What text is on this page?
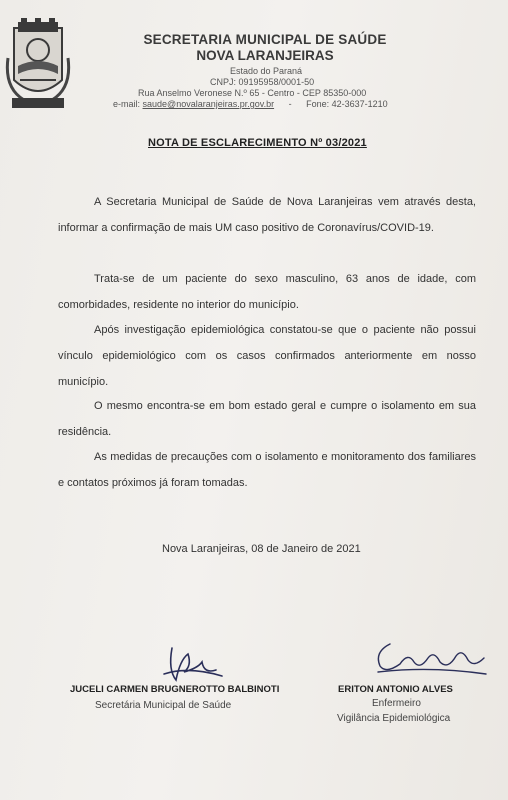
SECRETARIA MUNICIPAL DE SAÚDE
NOVA LARANJEIRAS
Estado do Paraná
CNPJ: 09195958/0001-50
Rua Anselmo Veronese N.º 65 - Centro - CEP 85350-000
e-mail: saude@novalaranjeiras.pr.gov.br - Fone: 42-3637-1210
NOTA DE ESCLARECIMENTO Nº 03/2021
A Secretaria Municipal de Saúde de Nova Laranjeiras vem através desta, informar a confirmação de mais UM caso positivo de Coronavírus/COVID-19.
Trata-se de um paciente do sexo masculino, 63 anos de idade, com comorbidades, residente no interior do município.
Após investigação epidemiológica constatou-se que o paciente não possui vínculo epidemiológico com os casos confirmados anteriormente em nosso município.
O mesmo encontra-se em bom estado geral e cumpre o isolamento em sua residência.
As medidas de precauções com o isolamento e monitoramento dos familiares e contatos próximos já foram tomadas.
Nova Laranjeiras, 08 de Janeiro de 2021
JUCELI CARMEN BRUGNEROTTO BALBINOTI
Secretária Municipal de Saúde
ERITON ANTONIO ALVES
Enfermeiro
Vigilância Epidemiológica
